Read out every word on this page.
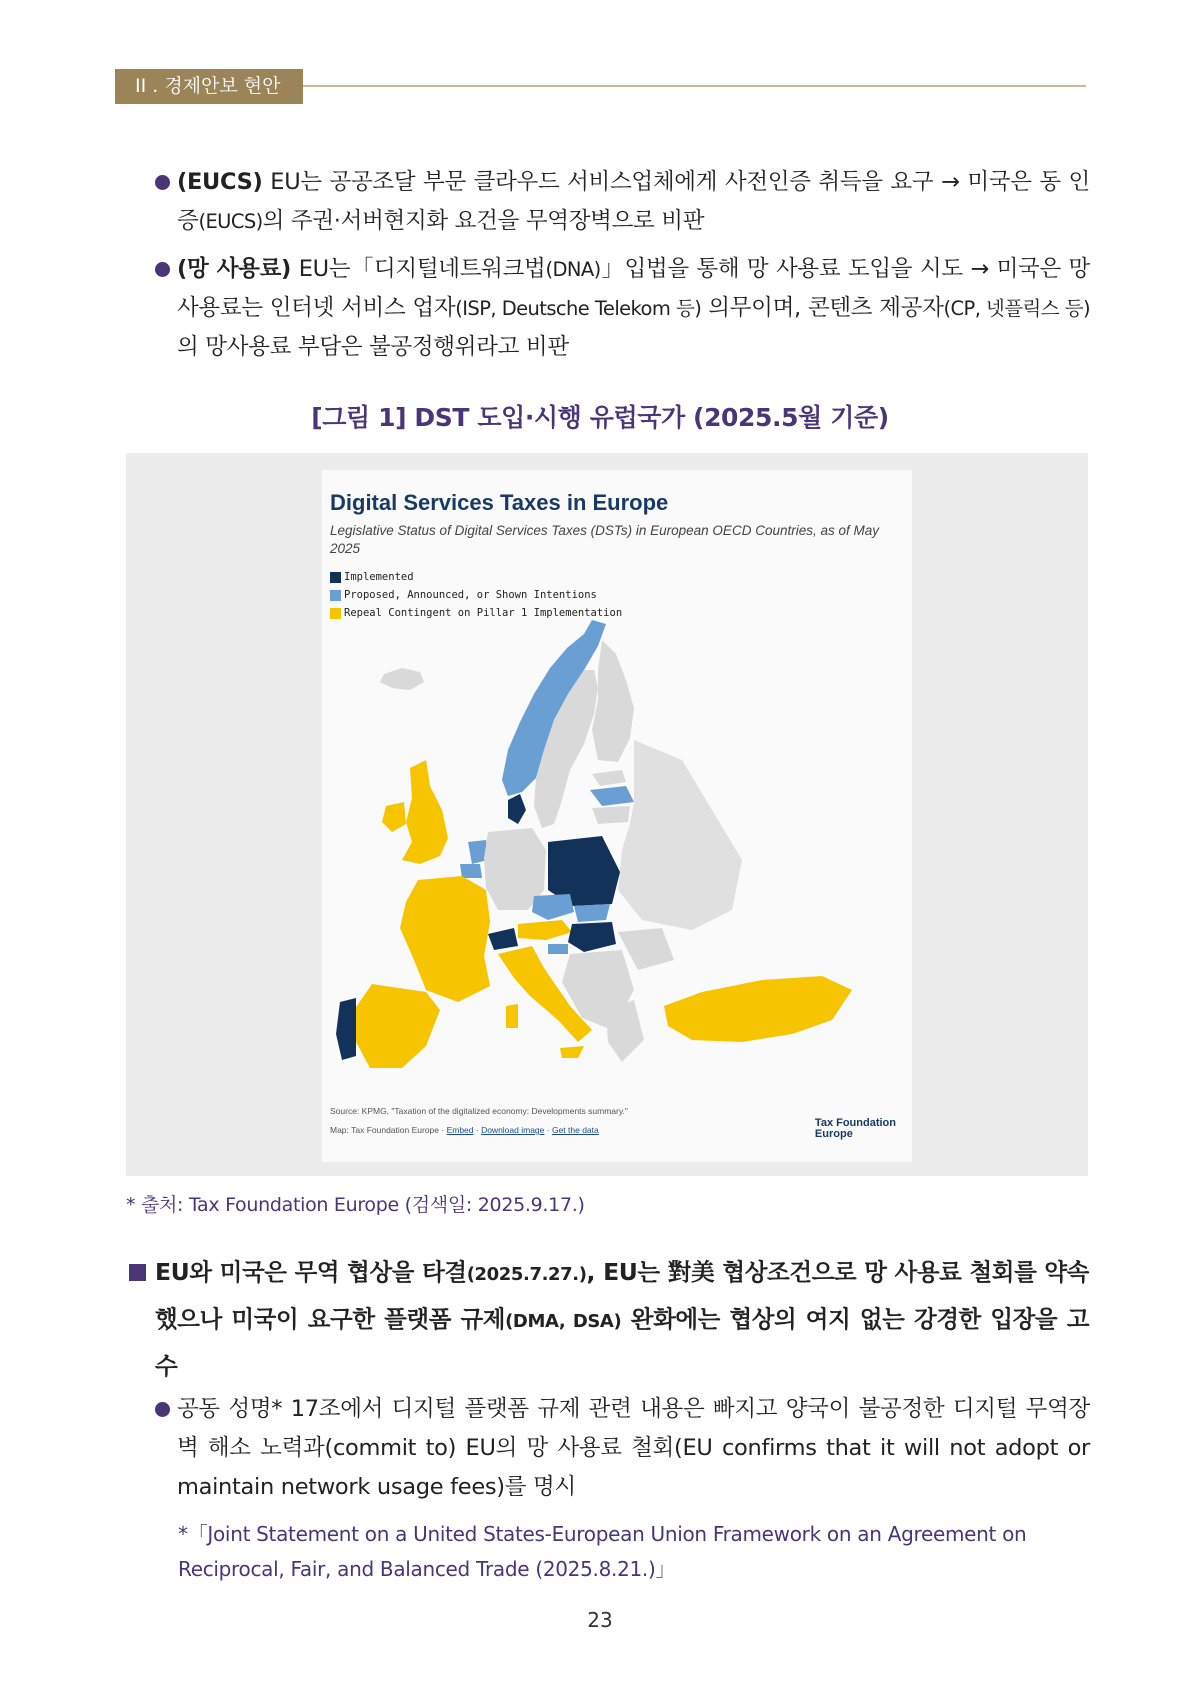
II . 경제안보 현안

(EUCS) EU는 공공조달 부문 클라우드 서비스업체에게 사전인증 취득을 요구 → 미국은 동 인증(EUCS)의 주권·서버현지화 요건을 무역장벽으로 비판

(망 사용료) EU는「디지털네트워크법(DNA)」입법을 통해 망 사용료 도입을 시도 → 미국은 망 사용료는 인터넷 서비스 업자(ISP, Deutsche Telekom 등) 의무이며, 콘텐츠 제공자(CP, 넷플릭스 등)의 망사용료 부담은 불공정행위라고 비판

[그림 1] DST 도입·시행 유럽국가 (2025.5월 기준)
Digital Services Taxes in Europe
Legislative Status of Digital Services Taxes (DSTs) in European OECD Countries, as of May 2025
Implemented
Proposed, Announced, or Shown Intentions
Repeal Contingent on Pillar 1 Implementation
Source: KPMG, "Taxation of the digitalized economy: Developments summary."
Map: Tax Foundation Europe · Embed · Download image · Get the data
Tax Foundation
Europe
* 출처: Tax Foundation Europe (검색일: 2025.9.17.)

EU와 미국은 무역 협상을 타결(2025.7.27.), EU는 對美 협상조건으로 망 사용료 철회를 약속했으나 미국이 요구한 플랫폼 규제(DMA, DSA) 완화에는 협상의 여지 없는 강경한 입장을 고수

공동 성명* 17조에서 디지털 플랫폼 규제 관련 내용은 빠지고 양국이 불공정한 디지털 무역장벽 해소 노력과(commit to) EU의 망 사용료 철회(EU confirms that it will not adopt or maintain network usage fees)를 명시

*「Joint Statement on a United States-European Union Framework on an Agreement on Reciprocal, Fair, and Balanced Trade (2025.8.21.)」
23
